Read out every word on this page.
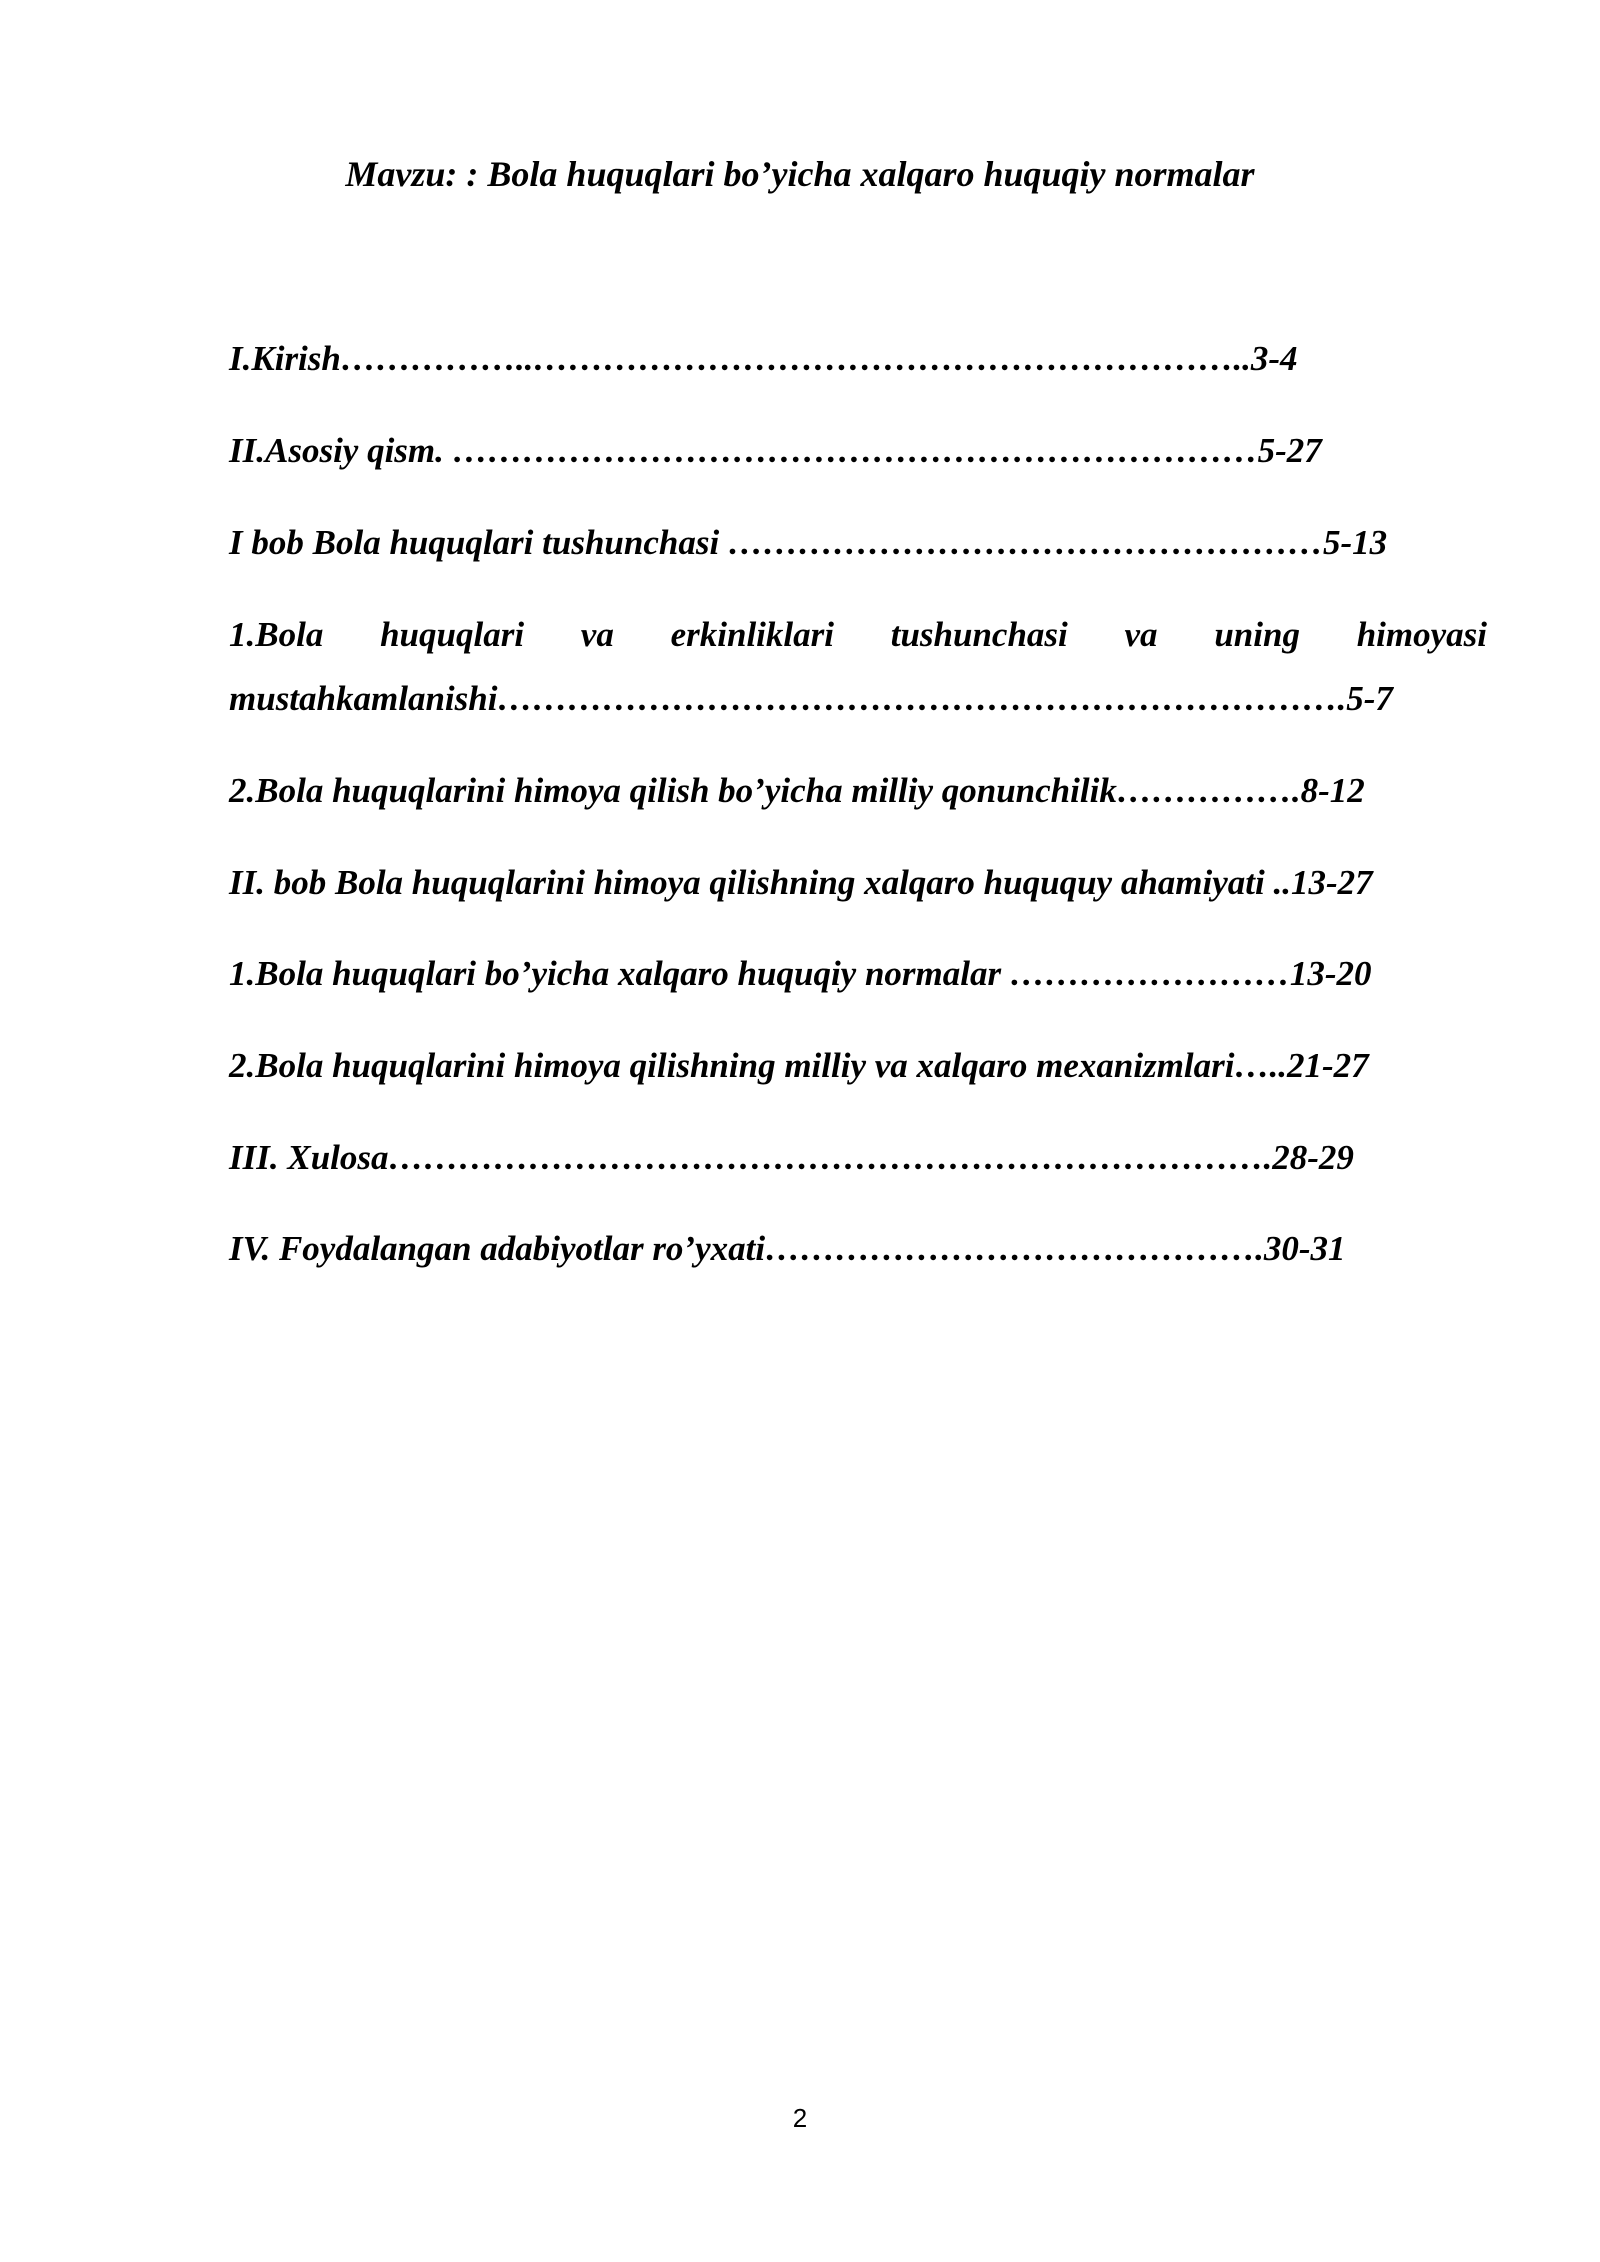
Mavzu: : Bola huquqlari bo’yicha xalqaro huquqiy normalar
I.Kirish……………..……………………………………………………..3-4
II.Asosiy qism. ……………………………………………………………5-27
I bob Bola huquqlari tushunchasi ……………………………………………5-13
1.Bola huquqlari va erkinliklari tushunchasi va uning himoyasi mustahkamlanishi……………………………………………………………….5-7
2.Bola huquqlarini himoya qilish bo’yicha milliy qonunchilik…………….8-12
II. bob Bola huquqlarini himoya qilishning xalqaro huququy ahamiyati ..13-27
1.Bola huquqlari bo’yicha xalqaro huquqiy normalar ……………………13-20
2.Bola huquqlarini himoya qilishning milliy va xalqaro mexanizmlari…..21-27
III. Xulosa………………………………………………………………….28-29
IV. Foydalangan adabiyotlar ro’yxati…………………………………….30-31
2
